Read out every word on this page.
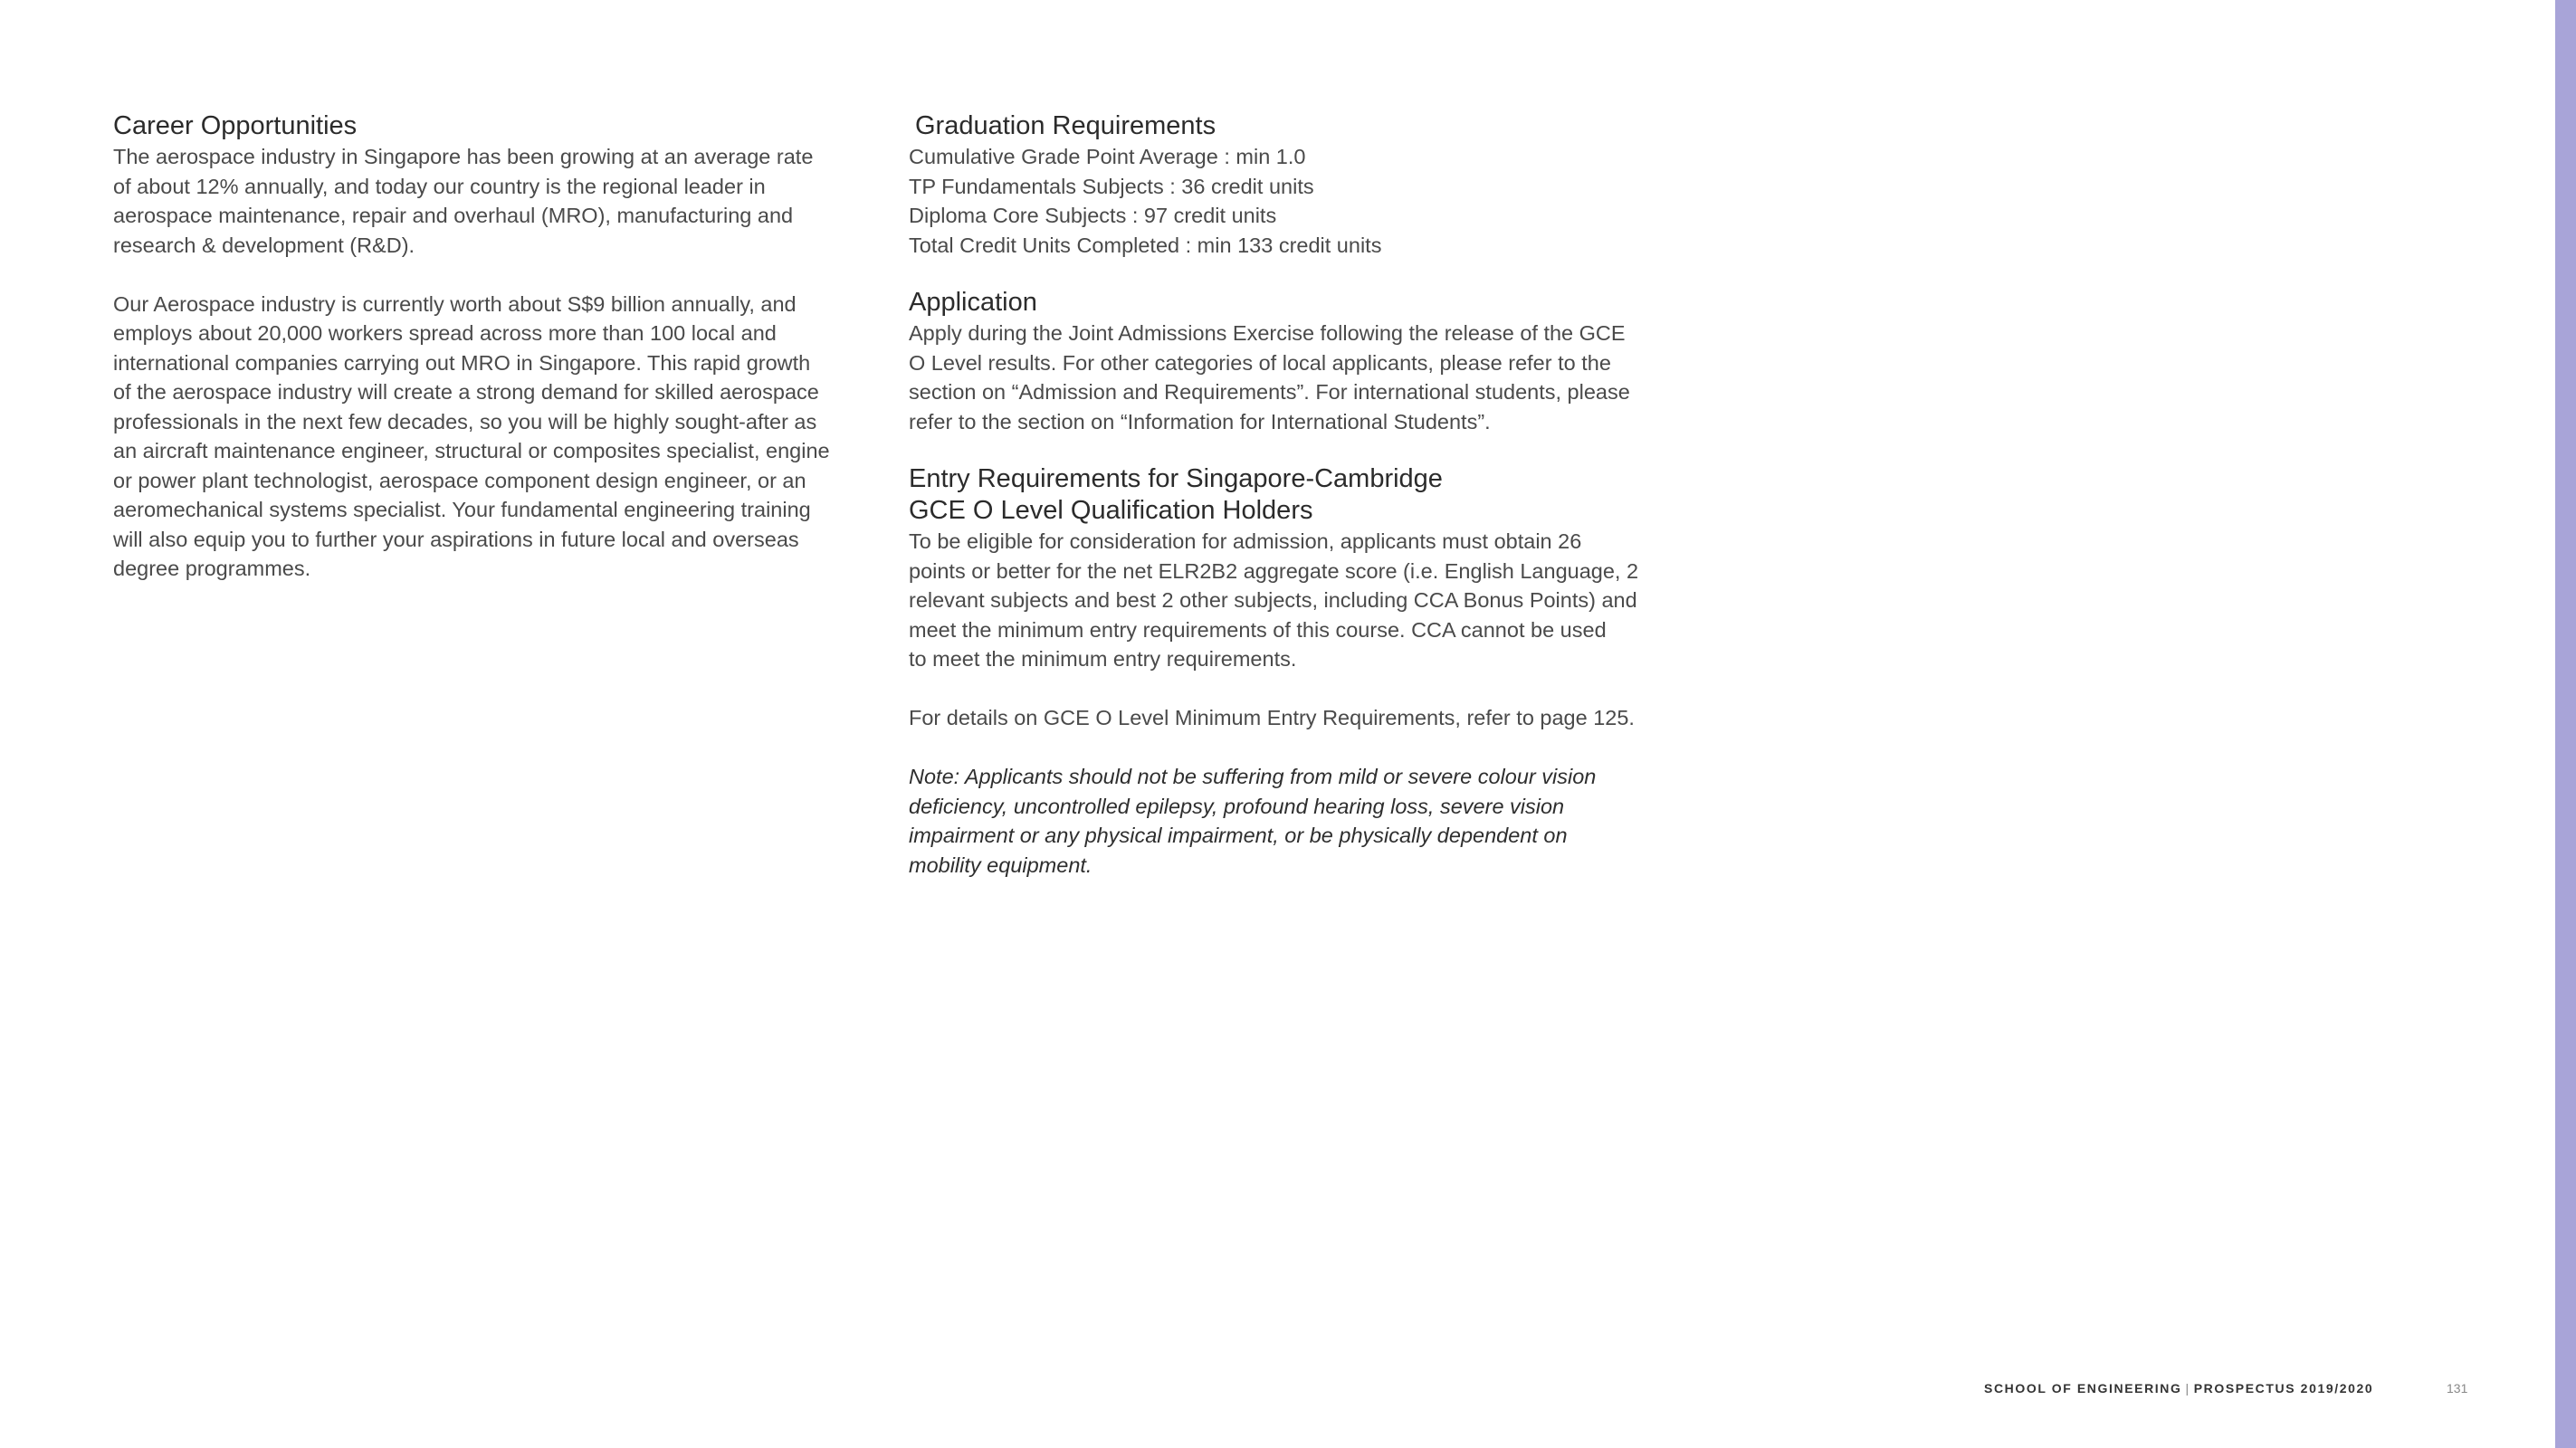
Career Opportunities

The aerospace industry in Singapore has been growing at an average rate
of about 12% annually, and today our country is the regional leader in
aerospace maintenance, repair and overhaul (MRO), manufacturing and
research & development (R&D).

Our Aerospace industry is currently worth about S$9 billion annually, and
employs about 20,000 workers spread across more than 100 local and
international companies carrying out MRO in Singapore. This rapid growth
of the aerospace industry will create a strong demand for skilled aerospace
professionals in the next few decades, so you will be highly sought-after as
an aircraft maintenance engineer, structural or composites specialist, engine
or power plant technologist, aerospace component design engineer, or an
aeromechanical systems specialist. Your fundamental engineering training
will also equip you to further your aspirations in future local and overseas
degree programmes.

Graduation Requirements

Cumulative Grade Point Average : min 1.0
TP Fundamentals Subjects : 36 credit units
Diploma Core Subjects : 97 credit units
Total Credit Units Completed : min 133 credit units

Application

Apply during the Joint Admissions Exercise following the release of the GCE
O Level results. For other categories of local applicants, please refer to the
section on “Admission and Requirements”. For international students, please
refer to the section on “Information for International Students”.

Entry Requirements for Singapore-Cambridge
GCE O Level Qualification Holders

To be eligible for consideration for admission, applicants must obtain 26
points or better for the net ELR2B2 aggregate score (i.e. English Language, 2
relevant subjects and best 2 other subjects, including CCA Bonus Points) and
meet the minimum entry requirements of this course. CCA cannot be used
to meet the minimum entry requirements.

For details on GCE O Level Minimum Entry Requirements, refer to page 125.

Note: Applicants should not be suffering from mild or severe colour vision
deficiency, uncontrolled epilepsy, profound hearing loss, severe vision
impairment or any physical impairment, or be physically dependent on
mobility equipment.

SCHOOL OF ENGINEERING | PROSPECTUS 2019/2020	131
